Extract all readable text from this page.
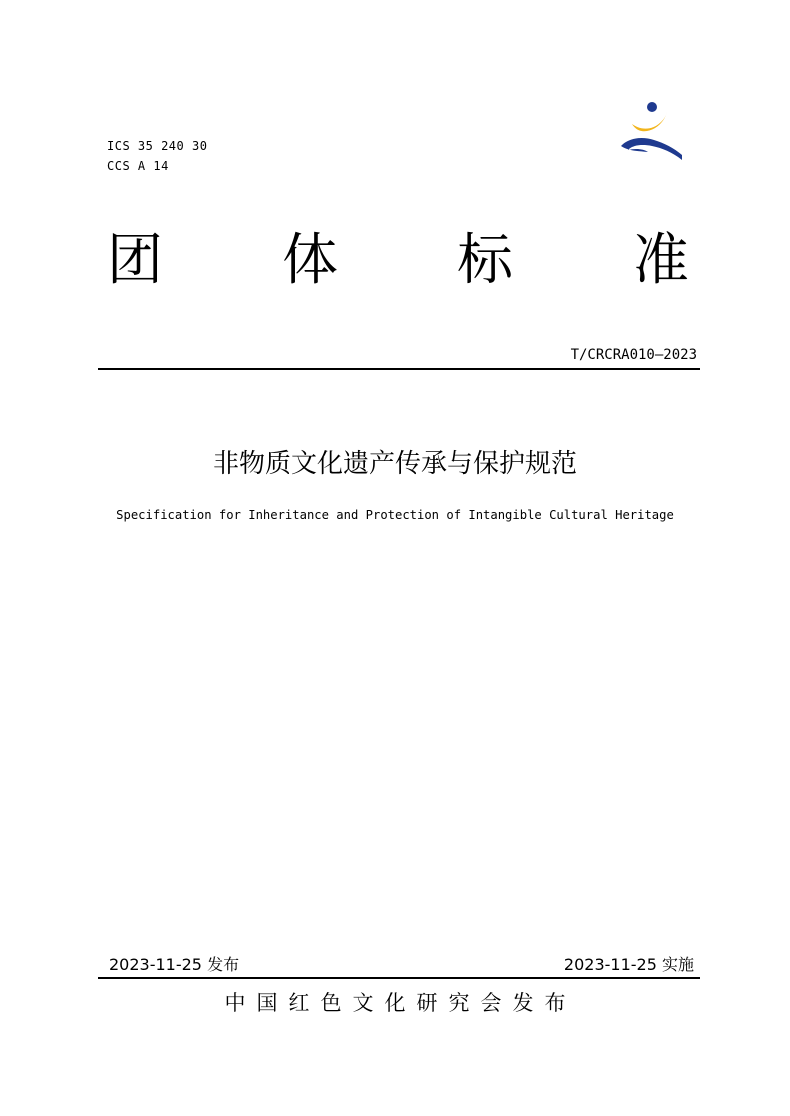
ICS 35 240 30
CCS A 14
团 体 标 准
T/CRCRA010—2023
非物质文化遗产传承与保护规范
Specification for Inheritance and Protection of Intangible Cultural Heritage
2023-11-25 发布	2023-11-25 实施
中国红色文化研究会发布
